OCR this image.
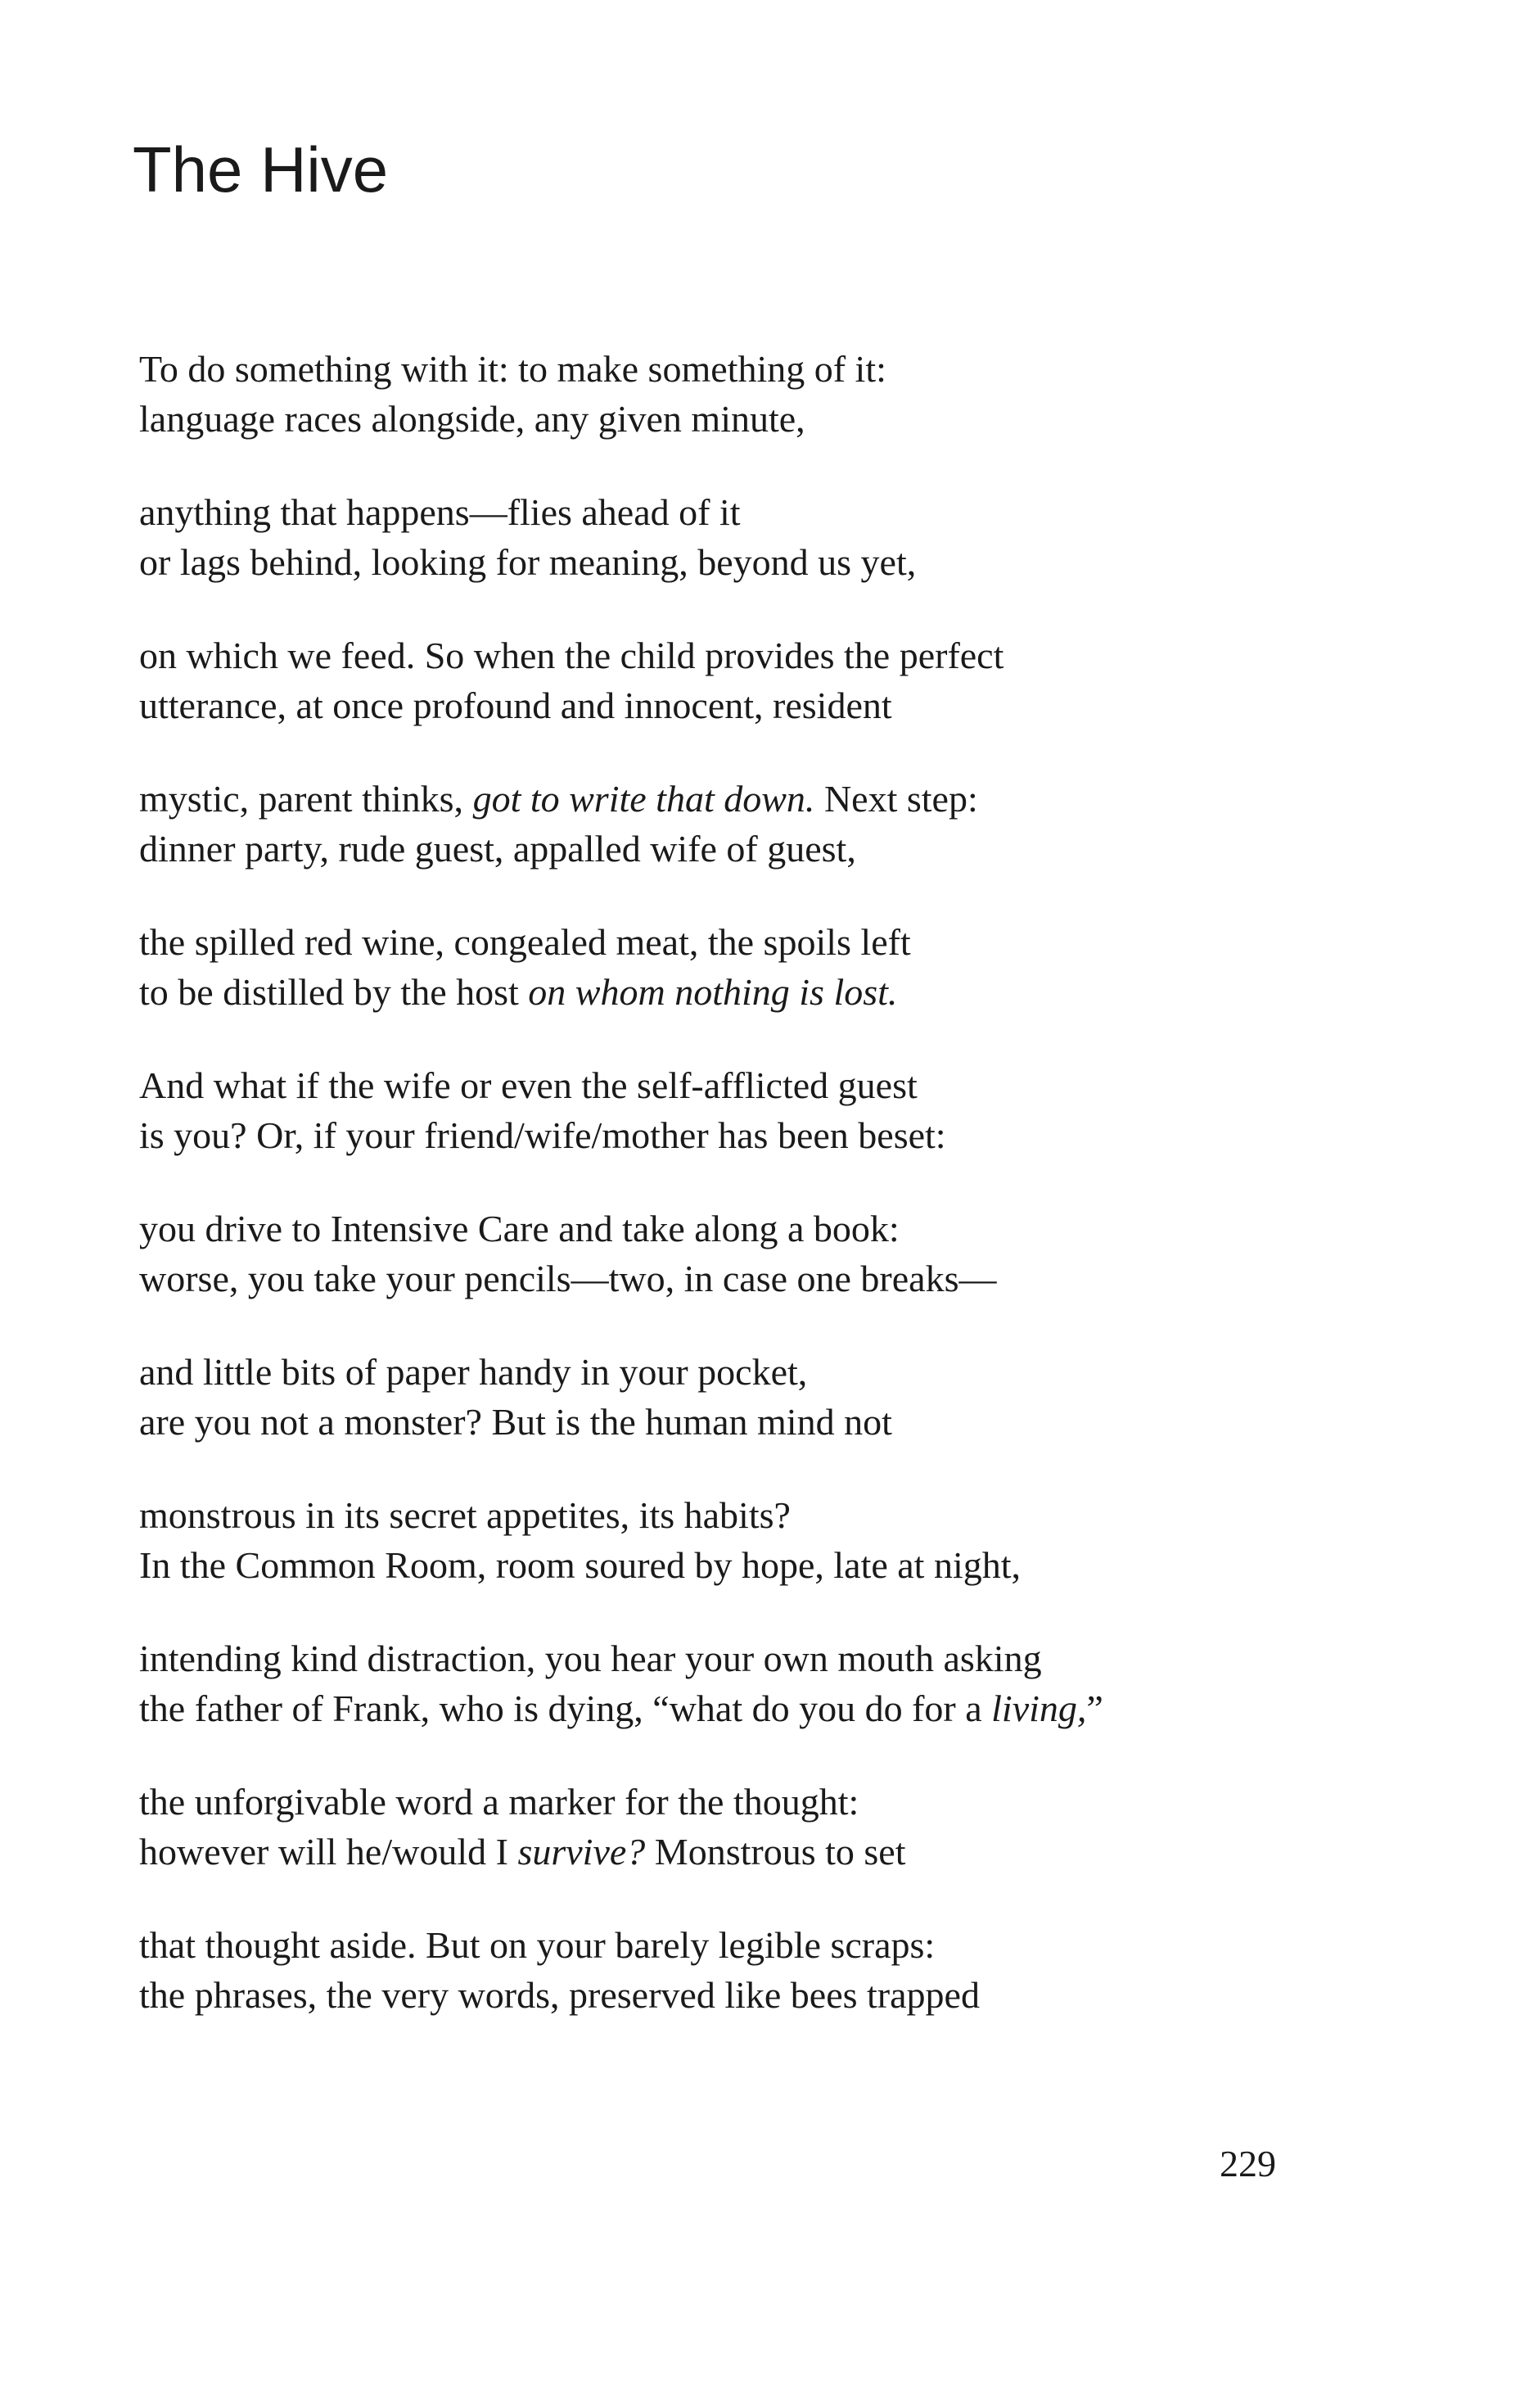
The Hive
To do something with it: to make something of it:
language races alongside, any given minute,
anything that happens—flies ahead of it
or lags behind, looking for meaning, beyond us yet,
on which we feed. So when the child provides the perfect
utterance, at once profound and innocent, resident
mystic, parent thinks, got to write that down. Next step:
dinner party, rude guest, appalled wife of guest,
the spilled red wine, congealed meat, the spoils left
to be distilled by the host on whom nothing is lost.
And what if the wife or even the self-afflicted guest
is you? Or, if your friend/wife/mother has been beset:
you drive to Intensive Care and take along a book:
worse, you take your pencils—two, in case one breaks—
and little bits of paper handy in your pocket,
are you not a monster? But is the human mind not
monstrous in its secret appetites, its habits?
In the Common Room, room soured by hope, late at night,
intending kind distraction, you hear your own mouth asking
the father of Frank, who is dying, “what do you do for a living,”
the unforgivable word a marker for the thought:
however will he/would I survive? Monstrous to set
that thought aside. But on your barely legible scraps:
the phrases, the very words, preserved like bees trapped
229
